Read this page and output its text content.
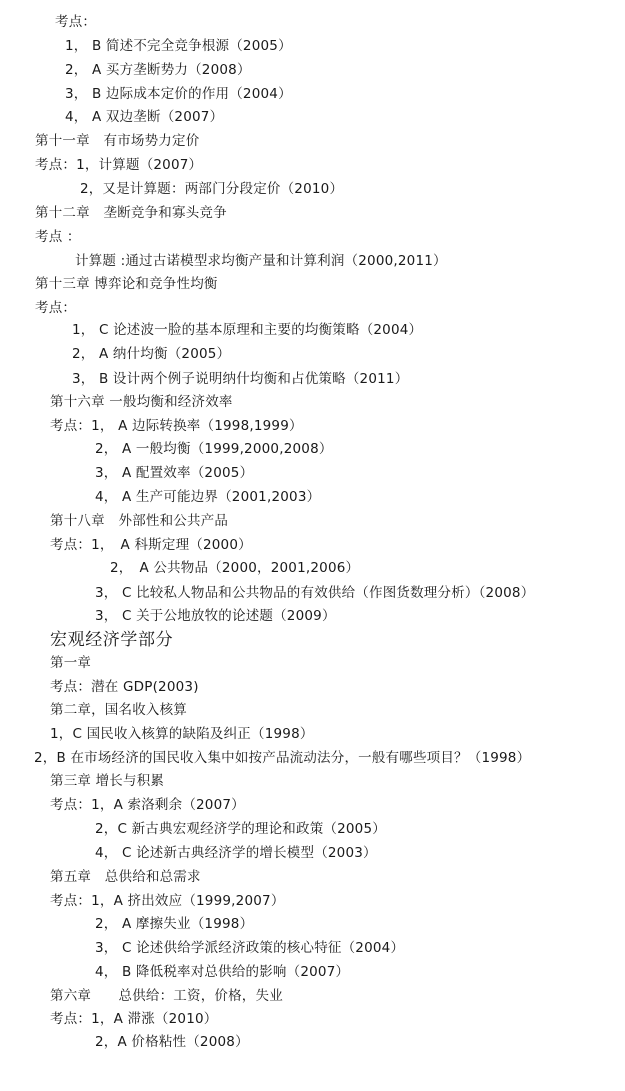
考点：
1， B 简述不完全竞争根源（2005）
2， A 买方垄断势力（2008）
3， B 边际成本定价的作用（2004）
4， A 双边垄断（2007）
第十一章　有市场势力定价
考点：1，计算题（2007）
2，又是计算题：两部门分段定价（2010）
第十二章　垄断竞争和寡头竞争
考点 ：
计算题 :通过古诺模型求均衡产量和计算利润（2000,2011）
第十三章 博弈论和竞争性均衡
考点：
1， C 论述波一脸的基本原理和主要的均衡策略（2004）
2， A 纳什均衡（2005）
3， B 设计两个例子说明纳什均衡和占优策略（2011）
第十六章 一般均衡和经济效率
考点：1， A 边际转换率（1998,1999）
2， A 一般均衡（1999,2000,2008）
3， A 配置效率（2005）
4， A 生产可能边界（2001,2003）
第十八章　外部性和公共产品
考点：1，　A 科斯定理（2000）
2，　A 公共物品（2000，2001,2006）
3， C 比较私人物品和公共物品的有效供给（作图货数理分析）（2008）
3， C 关于公地放牧的论述题（2009）
宏观经济学部分
第一章
考点：潜在 GDP(2003)
第二章，国名收入核算
1，C 国民收入核算的缺陷及纠正（1998）
2，B 在市场经济的国民收入集中如按产品流动法分，一般有哪些项目？（1998）
第三章 增长与积累
考点：1，A 索洛剩余（2007）
2，C 新古典宏观经济学的理论和政策（2005）
4， C 论述新古典经济学的增长模型（2003）
第五章　总供给和总需求
考点：1，A 挤出效应（1999,2007）
2， A 摩擦失业（1998）
3， C 论述供给学派经济政策的核心特征（2004）
4， B 降低税率对总供给的影响（2007）
第六章　　总供给：工资，价格，失业
考点：1，A 滞涨（2010）
2，A 价格粘性（2008）
